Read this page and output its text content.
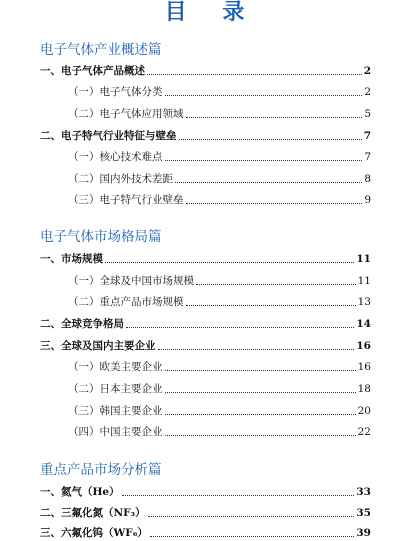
目 录
电子气体产业概述篇
一、电子气体产品概述	2
（一）电子气体分类	2
（二）电子气体应用领域	5
二、电子特气行业特征与壁垒	7
（一）核心技术难点	7
（二）国内外技术差距	8
（三）电子特气行业壁垒	9
电子气体市场格局篇
一、市场规模	11
（一）全球及中国市场规模	11
（二）重点产品市场规模	13
二、全球竞争格局	14
三、全球及国内主要企业	16
（一）欧美主要企业	16
（二）日本主要企业	18
（三）韩国主要企业	20
（四）中国主要企业	22
重点产品市场分析篇
一、氦气（He）	33
二、三氟化氮（NF₃）	35
三、六氟化钨（WF₆）	39
